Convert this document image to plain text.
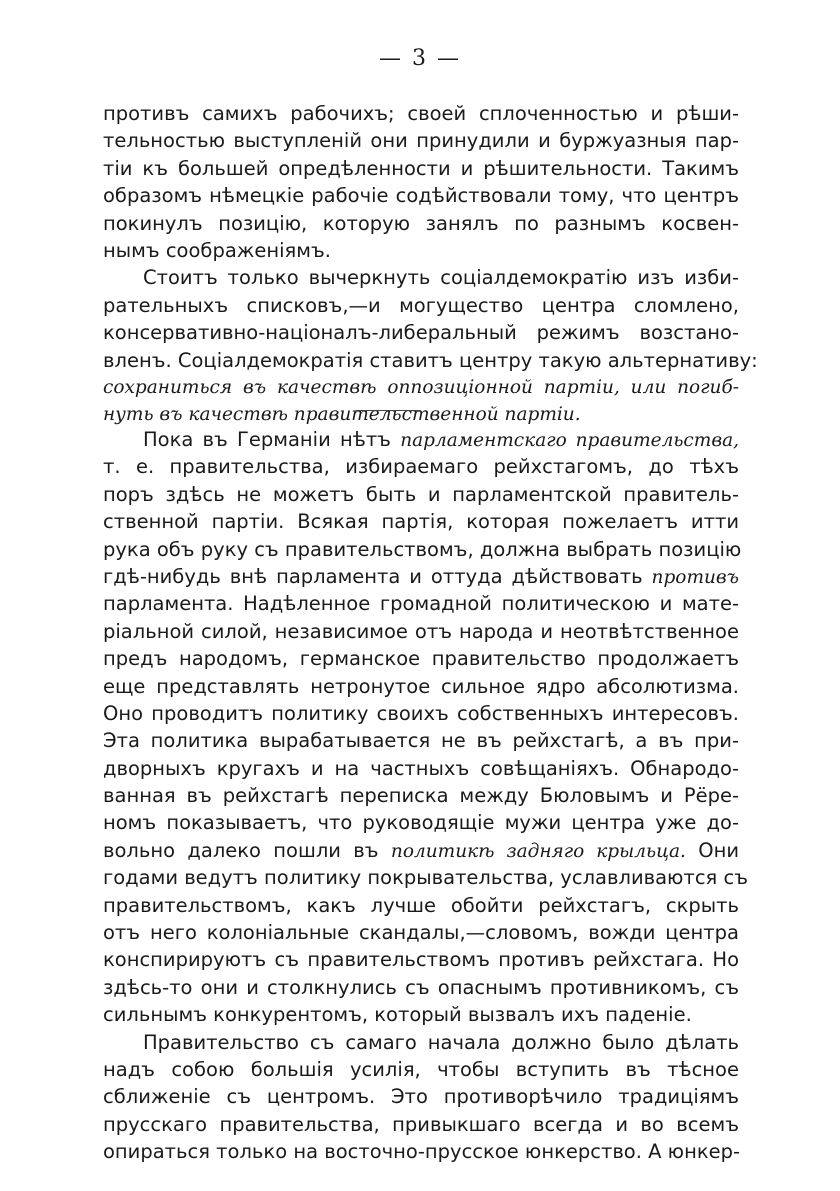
— 3 —
противъ самихъ рабочихъ; своей сплоченностью и рѣши-
тельностью выступленій они принудили и буржуазныя пар-
тіи къ большей опредѣленности и рѣшительности. Такимъ
образомъ нѣмецкіе рабочіе содѣйствовали тому, что центръ
покинулъ позицію, которую занялъ по разнымъ косвен-
нымъ соображеніямъ.
Стоитъ только вычеркнуть соціалдемократію изъ изби-
рательныхъ списковъ,—и могущество центра сломлено,
консервативно-націоналъ-либеральный режимъ возстано-
вленъ. Соціалдемократія ставитъ центру такую альтернативу:
сохраниться въ качествѣ оппозиціонной партіи, или погиб-
нуть въ качествѣ правительственной партіи.
Пока въ Германіи нѣтъ парламентскаго правительства,
т. е. правительства, избираемаго рейхстагомъ, до тѣхъ
поръ здѣсь не можетъ быть и парламентской правитель-
ственной партіи. Всякая партія, которая пожелаетъ итти
рука объ руку съ правительствомъ, должна выбрать позицію
гдѣ-нибудь внѣ парламента и оттуда дѣйствовать противъ
парламента. Надѣленное громадной политическою и мате-
ріальной силой, независимое отъ народа и неотвѣтственное
предъ народомъ, германское правительство продолжаетъ
еще представлять нетронутое сильное ядро абсолютизма.
Оно проводитъ политику своихъ собственныхъ интересовъ.
Эта политика вырабатывается не въ рейхстагѣ, а въ при-
дворныхъ кругахъ и на частныхъ совѣщаніяхъ. Обнародо-
ванная въ рейхстагѣ переписка между Бюловымъ и Рёре-
номъ показываетъ, что руководящіе мужи центра уже до-
вольно далеко пошли въ политикѣ задняго крыльца. Они
годами ведутъ политику покрывательства, уславливаются съ
правительствомъ, какъ лучше обойти рейхстагъ, скрыть
отъ него колоніальные скандалы,—словомъ, вожди центра
конспирируютъ съ правительствомъ противъ рейхстага. Но
здѣсь-то они и столкнулись съ опаснымъ противникомъ, съ
сильнымъ конкурентомъ, который вызвалъ ихъ паденіе.
Правительство съ самаго начала должно было дѣлать
надъ собою большія усилія, чтобы вступить въ тѣсное
сближеніе съ центромъ. Это противорѣчило традиціямъ
прусскаго правительства, привыкшаго всегда и во всемъ
опираться только на восточно-прусское юнкерство. А юнкер-
